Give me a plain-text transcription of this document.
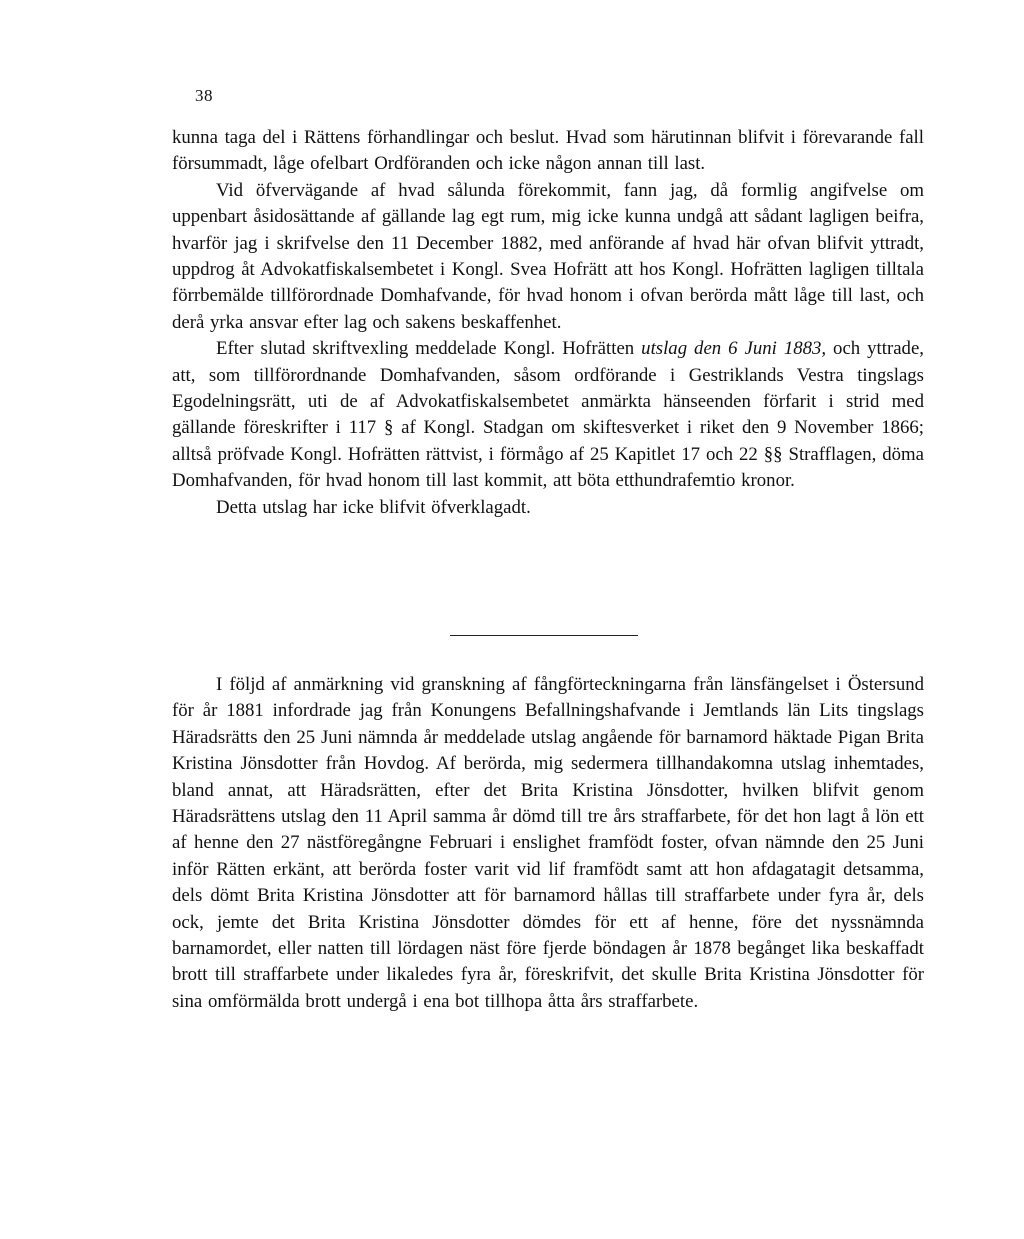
38

kunna taga del i Rättens förhandlingar och beslut. Hvad som härutinnan blifvit i förevarande fall försummadt, låge ofelbart Ordföranden och icke någon annan till last.

Vid öfvervägande af hvad sålunda förekommit, fann jag, då formlig angifvelse om uppenbart åsidosättande af gällande lag egt rum, mig icke kunna undgå att sådant lagligen beifra, hvarför jag i skrifvelse den 11 December 1882, med anförande af hvad här ofvan blifvit yttradt, uppdrog åt Advokatfiskalsembetet i Kongl. Svea Hofrätt att hos Kongl. Hofrätten lagligen tilltala förrbemälde tillförordnade Domhafvande, för hvad honom i ofvan berörda mått låge till last, och derå yrka ansvar efter lag och sakens beskaffenhet.

Efter slutad skriftvexling meddelade Kongl. Hofrätten utslag den 6 Juni 1883, och yttrade, att, som tillförordnande Domhafvanden, såsom ordförande i Gestriklands Vestra tingslags Egodelningsrätt, uti de af Advokatfiskalsembetet anmärkta hänseenden förfarit i strid med gällande föreskrifter i 117 § af Kongl. Stadgan om skiftesverket i riket den 9 November 1866; alltså pröfvade Kongl. Hofrätten rättvist, i förmågo af 25 Kapitlet 17 och 22 §§ Strafflagen, döma Domhafvanden, för hvad honom till last kommit, att böta etthundrafemtio kronor.

Detta utslag har icke blifvit öfverklagadt.

I följd af anmärkning vid granskning af fångförteckningarna från länsfängelset i Östersund för år 1881 infordrade jag från Konungens Befallningshafvande i Jemtlands län Lits tingslags Häradsrätts den 25 Juni nämnda år meddelade utslag angående för barnamord häktade Pigan Brita Kristina Jönsdotter från Hovdog. Af berörda, mig sedermera tillhandakomna utslag inhemtades, bland annat, att Häradsrätten, efter det Brita Kristina Jönsdotter, hvilken blifvit genom Häradsrättens utslag den 11 April samma år dömd till tre års straffarbete, för det hon lagt å lön ett af henne den 27 nästföregångne Februari i enslighet framfödt foster, ofvan nämnde den 25 Juni inför Rätten erkänt, att berörda foster varit vid lif framfödt samt att hon afdagatagit detsamma, dels dömt Brita Kristina Jönsdotter att för barnamord hållas till straffarbete under fyra år, dels ock, jemte det Brita Kristina Jönsdotter dömdes för ett af henne, före det nyssnämnda barnamordet, eller natten till lördagen näst före fjerde böndagen år 1878 begånget lika beskaffadt brott till straffarbete under likaledes fyra år, föreskrifvit, det skulle Brita Kristina Jönsdotter för sina omförmälda brott undergå i ena bot tillhopa åtta års straffarbete.
